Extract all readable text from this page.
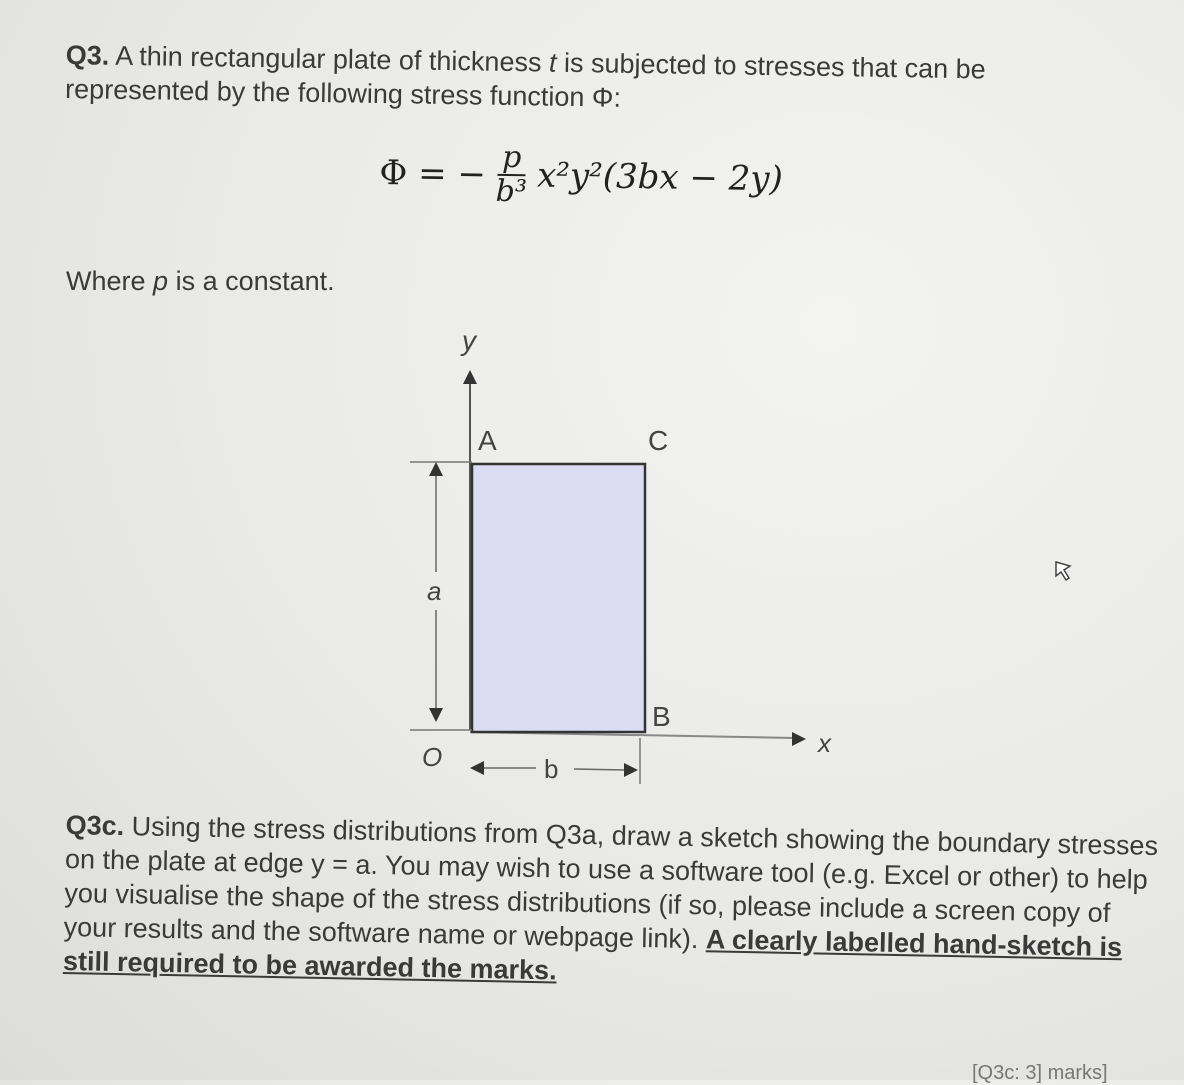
Q3. A thin rectangular plate of thickness t is subjected to stresses that can be represented by the following stress function Φ:
Φ = − $\frac{p}{\text{b³}} x^2y^2(3bx - 2y)$
Where p is a constant.
a
b
y
x
O
A	C
B
Q3c. Using the stress distributions from Q3a, draw a sketch showing the boundary stresses on the plate at edge y = a. You may wish to use a software tool (e.g. Excel or other) to help you visualise the shape of the stress distributions (if so, please include a screen copy of your results and the software name or webpage link). A clearly labelled hand-sketch is still required to be awarded the marks.
[Q3c: 3] marks]
